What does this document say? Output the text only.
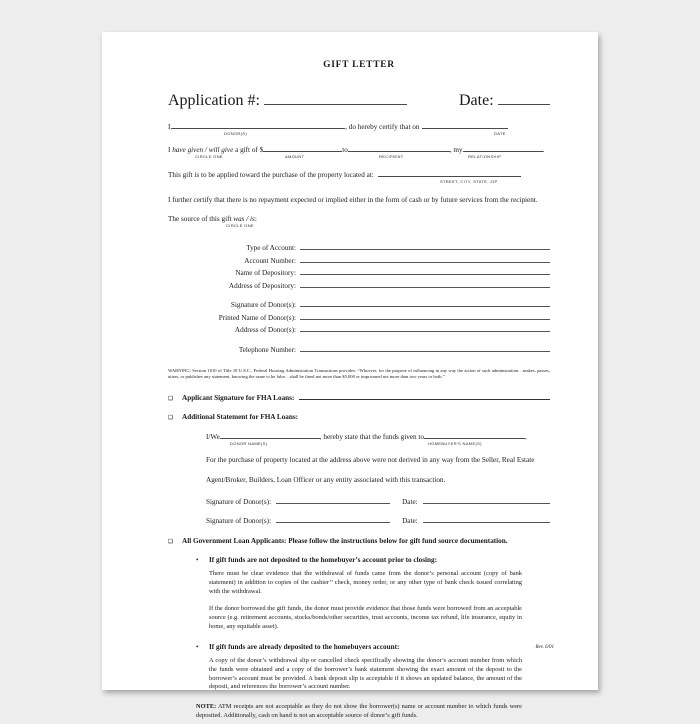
GIFT LETTER
Application #:	Date:
I,	, do hereby certify that on
DONOR(S)	DATE
I have given / will give a gift of $	to	, my	.
CIRCLE ONE	AMOUNT	RECIPIENT	RELATIONSHIP
This gift is to be applied toward the purchase of the property located at:
STREET, CITY, STATE, ZIP
I further certify that there is no repayment expected or implied either in the form of cash or by future services from the recipient.
The source of this gift was / is:
CIRCLE ONE
Type of Account:
Account Number:
Name of Depository:
Address of Depository:
Signature of Donor(s):
Printed Name of Donor(s):
Address of Donor(s):
Telephone Number:
WARNING: Section 1010 of Title 18 U.S.C., Federal Housing Administration Transactions provides: “Whoever, for the purpose of influencing in any way the action of such administration…makes, passes, utters, or publishes any statement, knowing the same to be false…shall be fined not more than $5,000 or imprisoned not more than two years or both.”
❑	Applicant Signature for FHA Loans:
❑	Additional Statement for FHA Loans:
I/We	, hereby state that the funds given to	,
DONOR NAME(S)	HOMEBUYER'S NAME(S)
For the purchase of property located at the address above were not derived in any way from the Seller, Real Estate
Agent/Broker, Builders, Loan Officer or any entity associated with this transaction.
Signature of Donor(s):	Date:
Signature of Donor(s):	Date:
❑	All Government Loan Applicants: Please follow the instructions below for gift fund source documentation.
•	If gift funds are not deposited to the homebuyer’s account prior to closing:
There must be clear evidence that the withdrawal of funds came from the donor’s personal account (copy of bank statement) in addition to copies of the cashier’’ check, money order, or any other type of bank check issued correlating with the withdrawal.
If the donor borrowed the gift funds, the donor must provide evidence that those funds were borrowed from an acceptable source (e.g. retirement accounts, stocks/bonds/other securities, trust accounts, income tax refund, life insurance, equity in home, any equitable asset).
•	If gift funds are already deposited to the homebuyers account:
A copy of the donor’s withdrawal slip or cancelled check specifically showing the donor’s account number from which the funds were obtained and a copy of the borrower’s bank statement showing the exact amount of the deposit to the borrower’s account must be provided. A bank deposit slip is acceptable if it shows an updated balance, the amount of the deposit, and references the borrower’s account number.
NOTE: ATM receipts are not acceptable as they do not show the borrower(s) name or account number to which funds were deposited. Additionally, cash on hand is not an acceptable source of donor’s gift funds.
Rev. 6/01
